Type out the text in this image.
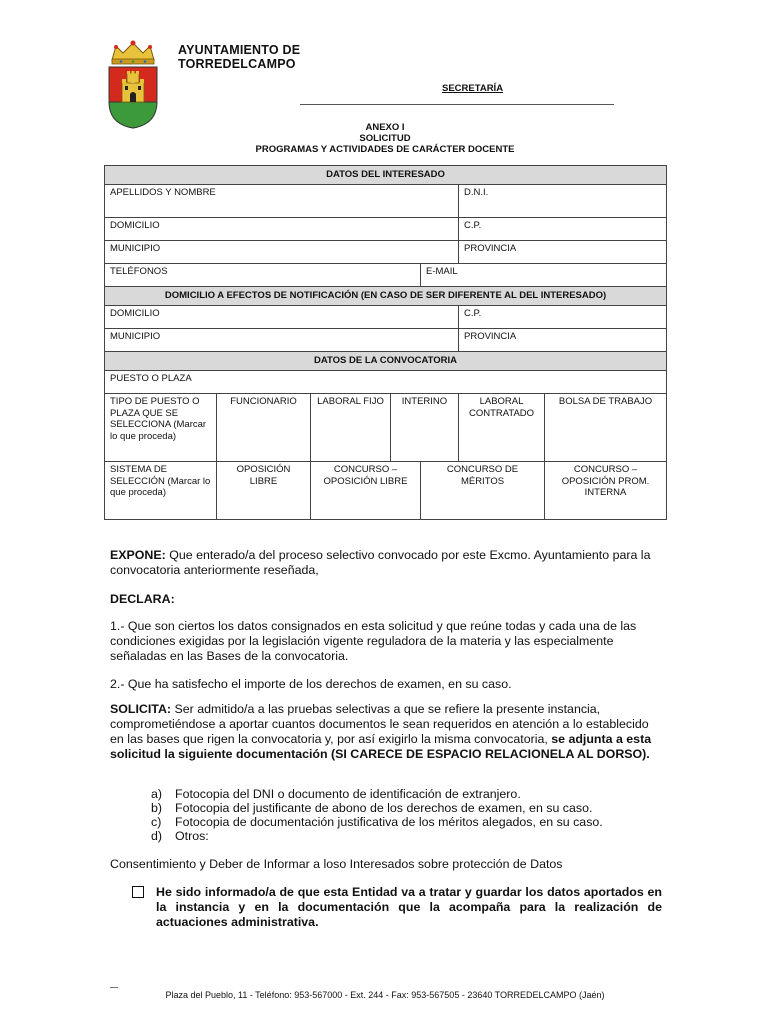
AYUNTAMIENTO DE
TORREDELCAMPO
SECRETARÍA
ANEXO I
SOLICITUD
PROGRAMAS Y ACTIVIDADES DE CARÁCTER DOCENTE
DATOS DEL INTERESADO						
APELLIDOS Y NOMBRE					D.N.I.	
DOMICILIO					C.P.	
MUNICIPIO					PROVINCIA	
TELÉFONOS				E-MAIL		
DOMICILIO A EFECTOS DE NOTIFICACIÓN (EN CASO DE SER DIFERENTE AL DEL INTERESADO)						
DOMICILIO					C.P.	
MUNICIPIO					PROVINCIA	
DATOS DE LA CONVOCATORIA						
PUESTO O PLAZA						
TIPO DE PUESTO O PLAZA QUE SE SELECCIONA (Marcar lo que proceda)	FUNCIONARIO	LABORAL FIJO	INTERINO		LABORAL CONTRATADO	BOLSA DE TRABAJO
SISTEMA DE SELECCIÓN (Marcar lo que proceda)	OPOSICIÓN LIBRE	CONCURSO – OPOSICIÓN LIBRE		CONCURSO DE MÉRITOS		CONCURSO – OPOSICIÓN PROM. INTERNA
EXPONE: Que enterado/a del proceso selectivo convocado por este Excmo. Ayuntamiento para la convocatoria anteriormente reseñada,
DECLARA:
1.- Que son ciertos los datos consignados en esta solicitud y que reúne todas y cada una de las condiciones exigidas por la legislación vigente reguladora de la materia y las especialmente señaladas en las Bases de la convocatoria.
2.- Que ha satisfecho el importe de los derechos de examen, en su caso.
SOLICITA: Ser admitido/a a las pruebas selectivas a que se refiere la presente instancia, comprometiéndose a aportar cuantos documentos le sean requeridos en atención a lo establecido en las bases que rigen la convocatoria y, por así exigirlo la misma convocatoria, se adjunta a esta solicitud la siguiente documentación (SI CARECE DE ESPACIO RELACIONELA AL DORSO).
a)	Fotocopia del DNI o documento de identificación de extranjero.
b)	Fotocopia del justificante de abono de los derechos de examen, en su caso.
c)	Fotocopia de documentación justificativa de los méritos alegados, en su caso.
d)	Otros:
Consentimiento y Deber de Informar a loso Interesados sobre protección de Datos
He sido informado/a de que esta Entidad va a tratar y guardar los datos aportados en la instancia y en la documentación que la acompaña para la realización de actuaciones administrativa.
Plaza del Pueblo, 11 - Teléfono: 953-567000 - Ext. 244 - Fax: 953-567505 - 23640 TORREDELCAMPO (Jaén)
